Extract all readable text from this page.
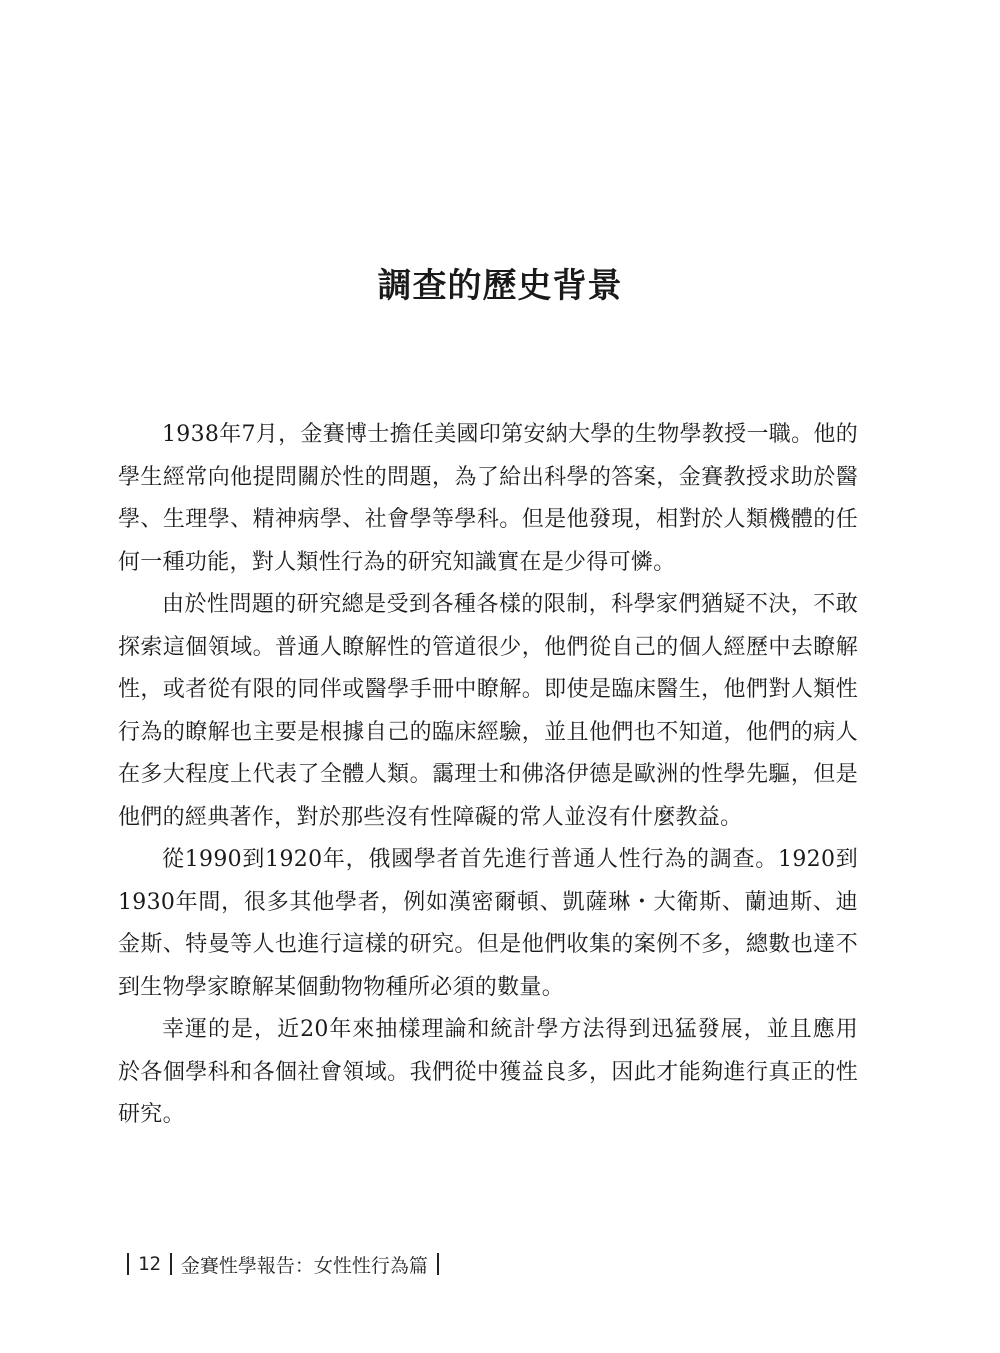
調查的歷史背景

1938年7月，金賽博士擔任美國印第安納大學的生物學教授一職。他的學生經常向他提問關於性的問題，為了給出科學的答案，金賽教授求助於醫學、生理學、精神病學、社會學等學科。但是他發現，相對於人類機體的任何一種功能，對人類性行為的研究知識實在是少得可憐。

由於性問題的研究總是受到各種各樣的限制，科學家們猶疑不決，不敢探索這個領域。普通人瞭解性的管道很少，他們從自己的個人經歷中去瞭解性，或者從有限的同伴或醫學手冊中瞭解。即使是臨床醫生，他們對人類性行為的瞭解也主要是根據自己的臨床經驗，並且他們也不知道，他們的病人在多大程度上代表了全體人類。靄理士和佛洛伊德是歐洲的性學先驅，但是他們的經典著作，對於那些沒有性障礙的常人並沒有什麼教益。

從1990到1920年，俄國學者首先進行普通人性行為的調查。1920到1930年間，很多其他學者，例如漢密爾頓、凱薩琳・大衛斯、蘭迪斯、迪金斯、特曼等人也進行這樣的研究。但是他們收集的案例不多，總數也達不到生物學家瞭解某個動物物種所必須的數量。

幸運的是，近20年來抽樣理論和統計學方法得到迅猛發展，並且應用於各個學科和各個社會領域。我們從中獲益良多，因此才能夠進行真正的性研究。

12 金賽性學報告：女性性行為篇
